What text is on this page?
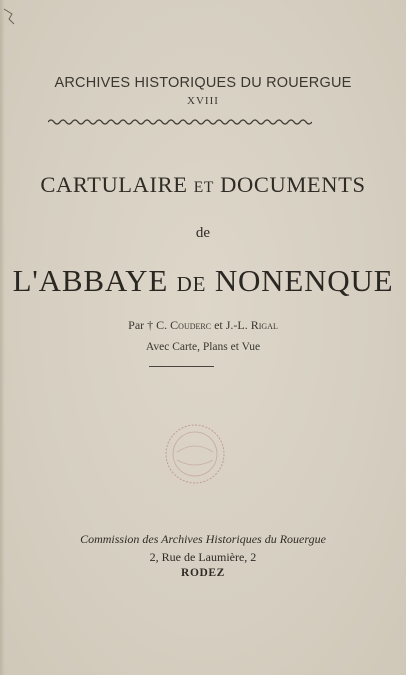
ARCHIVES HISTORIQUES DU ROUERGUE
XVIII
CARTULAIRE ET DOCUMENTS
de
L'ABBAYE DE NONENQUE
Par † C. Couderc et J.-L. Rigal
Avec Carte, Plans et Vue
Commission des Archives Historiques du Rouergue
2, Rue de Laumière, 2
RODEZ
